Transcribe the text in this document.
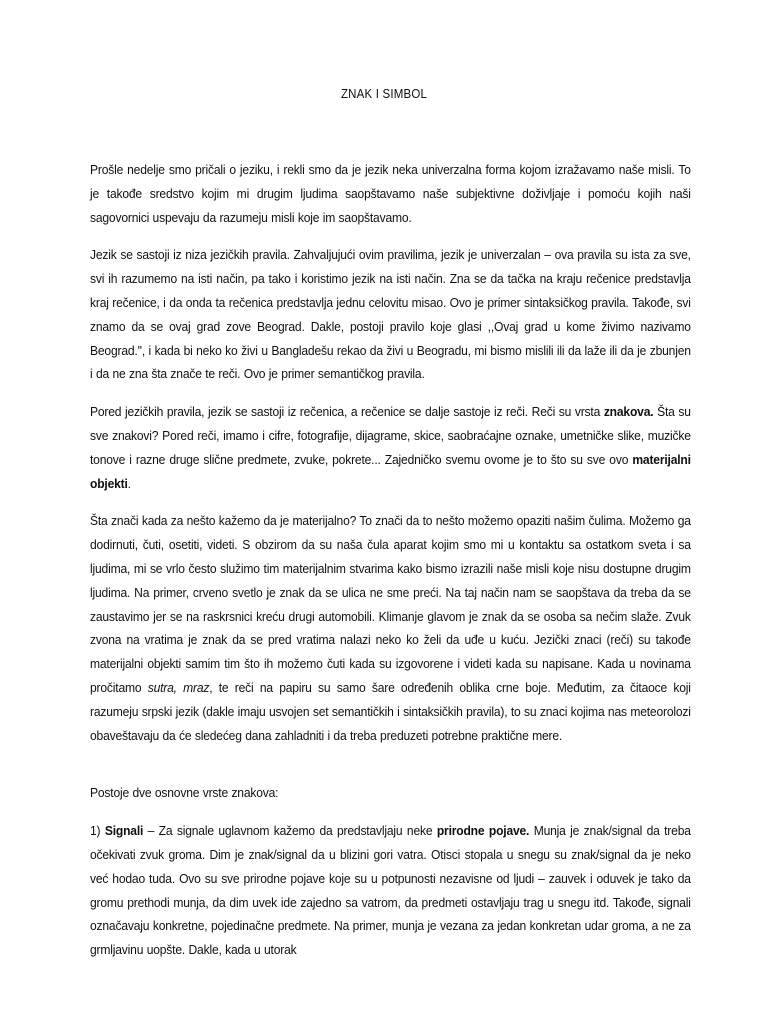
ZNAK I SIMBOL

Prošle nedelje smo pričali o jeziku, i rekli smo da je jezik neka univerzalna forma kojom izražavamo naše misli. To je takođe sredstvo kojim mi drugim ljudima saopštavamo naše subjektivne doživljaje i pomoću kojih naši sagovornici uspevaju da razumeju misli koje im saopštavamo.

Jezik se sastoji iz niza jezičkih pravila. Zahvaljujući ovim pravilima, jezik je univerzalan – ova pravila su ista za sve, svi ih razumemo na isti način, pa tako i koristimo jezik na isti način. Zna se da tačka na kraju rečenice predstavlja kraj rečenice, i da onda ta rečenica predstavlja jednu celovitu misao. Ovo je primer sintaksičkog pravila. Takođe, svi znamo da se ovaj grad zove Beograd. Dakle, postoji pravilo koje glasi ,,Ovaj grad u kome živimo nazivamo Beograd.'', i kada bi neko ko živi u Bangladešu rekao da živi u Beogradu, mi bismo mislili ili da laže ili da je zbunjen i da ne zna šta znače te reči. Ovo je primer semantičkog pravila.

Pored jezičkih pravila, jezik se sastoji iz rečenica, a rečenice se dalje sastoje iz reči. Reči su vrsta znakova. Šta su sve znakovi? Pored reči, imamo i cifre, fotografije, dijagrame, skice, saobraćajne oznake, umetničke slike, muzičke tonove i razne druge slične predmete, zvuke, pokrete... Zajedničko svemu ovome je to što su sve ovo materijalni objekti.

Šta znači kada za nešto kažemo da je materijalno? To znači da to nešto možemo opaziti našim čulima. Možemo ga dodirnuti, čuti, osetiti, videti. S obzirom da su naša čula aparat kojim smo mi u kontaktu sa ostatkom sveta i sa ljudima, mi se vrlo često služimo tim materijalnim stvarima kako bismo izrazili naše misli koje nisu dostupne drugim ljudima. Na primer, crveno svetlo je znak da se ulica ne sme preći. Na taj način nam se saopštava da treba da se zaustavimo jer se na raskrsnici kreću drugi automobili. Klimanje glavom je znak da se osoba sa nečim slaže. Zvuk zvona na vratima je znak da se pred vratima nalazi neko ko želi da uđe u kuću. Jezički znaci (reči) su takođe materijalni objekti samim tim što ih možemo čuti kada su izgovorene i videti kada su napisane. Kada u novinama pročitamo sutra, mraz, te reči na papiru su samo šare određenih oblika crne boje. Međutim, za čitaoce koji razumeju srpski jezik (dakle imaju usvojen set semantičkih i sintaksičkih pravila), to su znaci kojima nas meteorolozi obaveštavaju da će sledećeg dana zahladniti i da treba preduzeti potrebne praktične mere.

Postoje dve osnovne vrste znakova:

1) Signali – Za signale uglavnom kažemo da predstavljaju neke prirodne pojave. Munja je znak/signal da treba očekivati zvuk groma. Dim je znak/signal da u blizini gori vatra. Otisci stopala u snegu su znak/signal da je neko već hodao tuda. Ovo su sve prirodne pojave koje su u potpunosti nezavisne od ljudi – zauvek i oduvek je tako da gromu prethodi munja, da dim uvek ide zajedno sa vatrom, da predmeti ostavljaju trag u snegu itd. Takođe, signali označavaju konkretne, pojedinačne predmete. Na primer, munja je vezana za jedan konkretan udar groma, a ne za grmljavinu uopšte. Dakle, kada u utorak
